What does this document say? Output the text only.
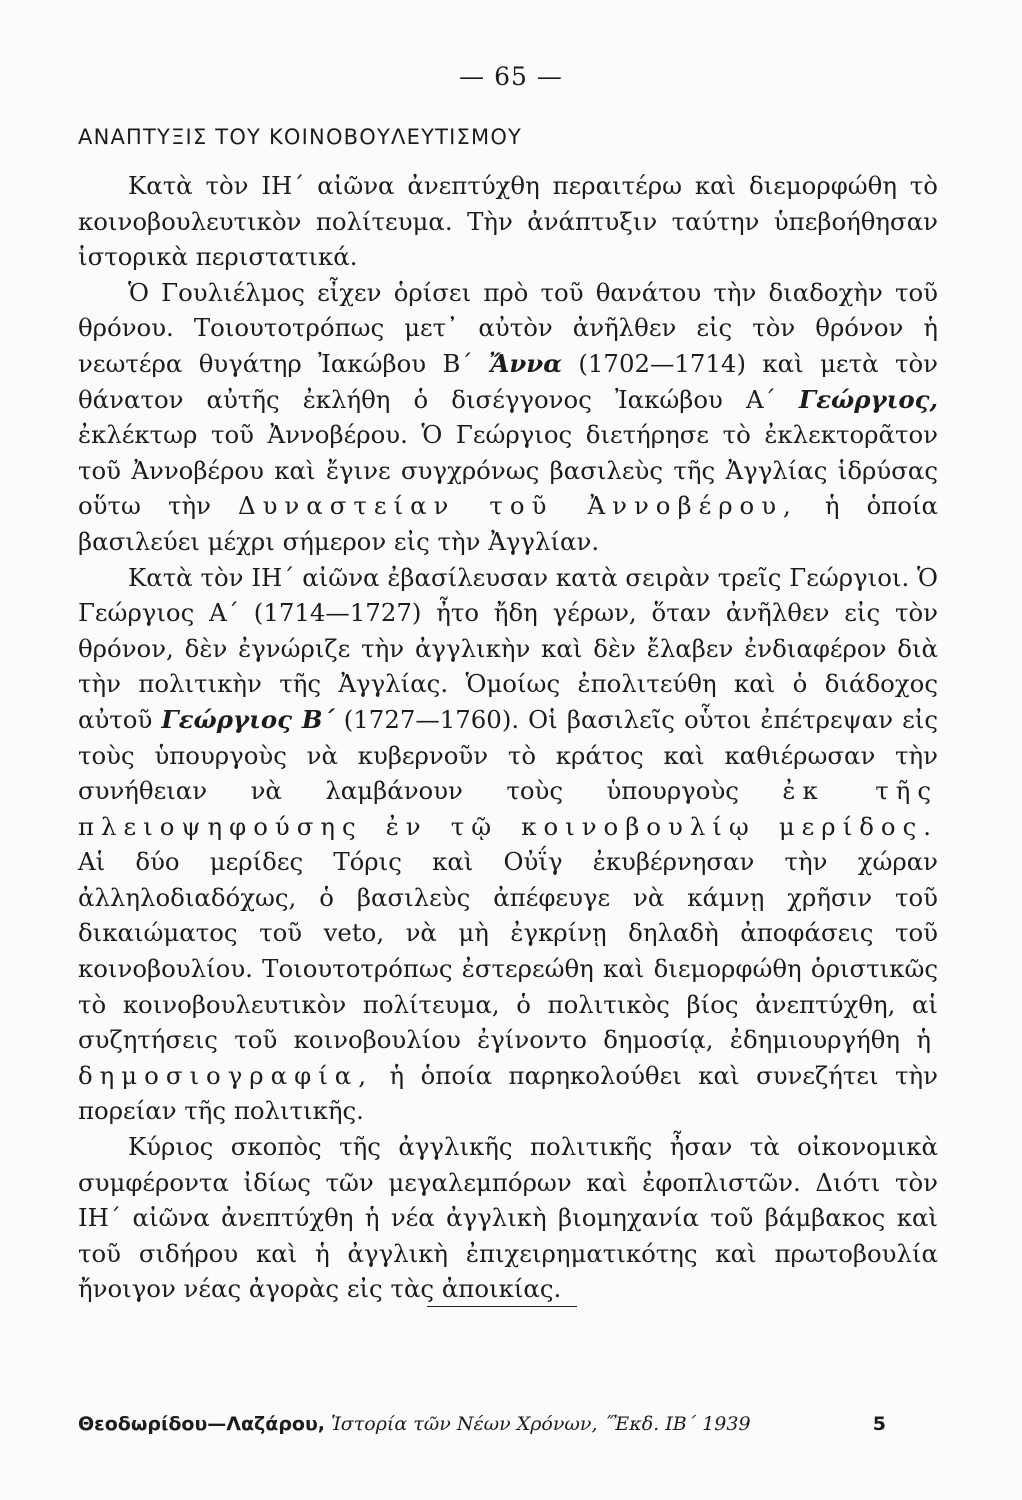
— 65 —
ΑΝΑΠΤΥΞΙΣ ΤΟΥ ΚΟΙΝΟΒΟΥΛΕΥΤΙΣΜΟΥ

Κατὰ τὸν ΙΗ΄ αἰῶνα ἀνεπτύχθη περαιτέρω καὶ διεμορφώθη τὸ κοινοβουλευτικὸν πολίτευμα. Τὴν ἀνάπτυξιν ταύτην ὑπεβοήθησαν ἱστορικὰ περιστατικά.

Ὁ Γουλιέλμος εἶχεν ὁρίσει πρὸ τοῦ θανάτου τὴν διαδοχὴν τοῦ θρόνου. Τοιουτοτρόπως μετ᾽ αὐτὸν ἀνῆλθεν εἰς τὸν θρόνον ἡ νεωτέρα θυγάτηρ Ἰακώβου Β΄ Ἄννα (1702—1714) καὶ μετὰ τὸν θάνατον αὐτῆς ἐκλήθη ὁ δισέγγονος Ἰακώβου Α΄ Γεώργιος, ἐκλέκτωρ τοῦ Ἀννοβέρου. Ὁ Γεώργιος διετήρησε τὸ ἐκλεκτορᾶτον τοῦ Ἀννοβέρου καὶ ἔγινε συγχρόνως βασιλεὺς τῆς Ἀγγλίας ἱδρύσας οὕτω τὴν Δυναστείαν τοῦ Ἀννοβέρου, ἡ ὁποία βασιλεύει μέχρι σήμερον εἰς τὴν Ἀγγλίαν.

Κατὰ τὸν ΙΗ΄ αἰῶνα ἐβασίλευσαν κατὰ σειρὰν τρεῖς Γεώργιοι. Ὁ Γεώργιος Α΄ (1714—1727) ἦτο ἤδη γέρων, ὅταν ἀνῆλθεν εἰς τὸν θρόνον, δὲν ἐγνώριζε τὴν ἀγγλικὴν καὶ δὲν ἔλαβεν ἐνδιαφέρον διὰ τὴν πολιτικὴν τῆς Ἀγγλίας. Ὁμοίως ἐπολιτεύθη καὶ ὁ διάδοχος αὐτοῦ Γεώργιος Β΄ (1727—1760). Οἱ βασιλεῖς οὗτοι ἐπέτρεψαν εἰς τοὺς ὑπουργοὺς νὰ κυβερνοῦν τὸ κράτος καὶ καθιέρωσαν τὴν συνήθειαν νὰ λαμβάνουν τοὺς ὑπουργοὺς ἐκ τῆς πλειοψηφούσης ἐν τῷ κοινοβουλίῳ μερίδος. Αἱ δύο μερίδες Τόρις καὶ Οὐΐγ ἐκυβέρνησαν τὴν χώραν ἀλληλοδιαδόχως, ὁ βασιλεὺς ἀπέφευγε νὰ κάμνῃ χρῆσιν τοῦ δικαιώματος τοῦ veto, νὰ μὴ ἐγκρίνῃ δηλαδὴ ἀποφάσεις τοῦ κοινοβουλίου. Τοιουτοτρόπως ἐστερεώθη καὶ διεμορφώθη ὁριστικῶς τὸ κοινοβουλευτικὸν πολίτευμα, ὁ πολιτικὸς βίος ἀνεπτύχθη, αἱ συζητήσεις τοῦ κοινοβουλίου ἐγίνοντο δημοσίᾳ, ἐδημιουργήθη ἡ δημοσιογραφία, ἡ ὁποία παρηκολούθει καὶ συνεζήτει τὴν πορείαν τῆς πολιτικῆς.

Κύριος σκοπὸς τῆς ἀγγλικῆς πολιτικῆς ἦσαν τὰ οἰκονομικὰ συμφέροντα ἰδίως τῶν μεγαλεμπόρων καὶ ἐφοπλιστῶν. Διότι τὸν ΙΗ΄ αἰῶνα ἀνεπτύχθη ἡ νέα ἀγγλικὴ βιομηχανία τοῦ βάμβακος καὶ τοῦ σιδήρου καὶ ἡ ἀγγλικὴ ἐπιχειρηματικότης καὶ πρωτοβουλία ἤνοιγον νέας ἀγορὰς εἰς τὰς ἀποικίας.

Θεοδωρίδου—Λαζάρου, Ἱστορία τῶν Νέων Χρόνων, ˝Ἐκδ. ΙΒ΄ 1939	5
